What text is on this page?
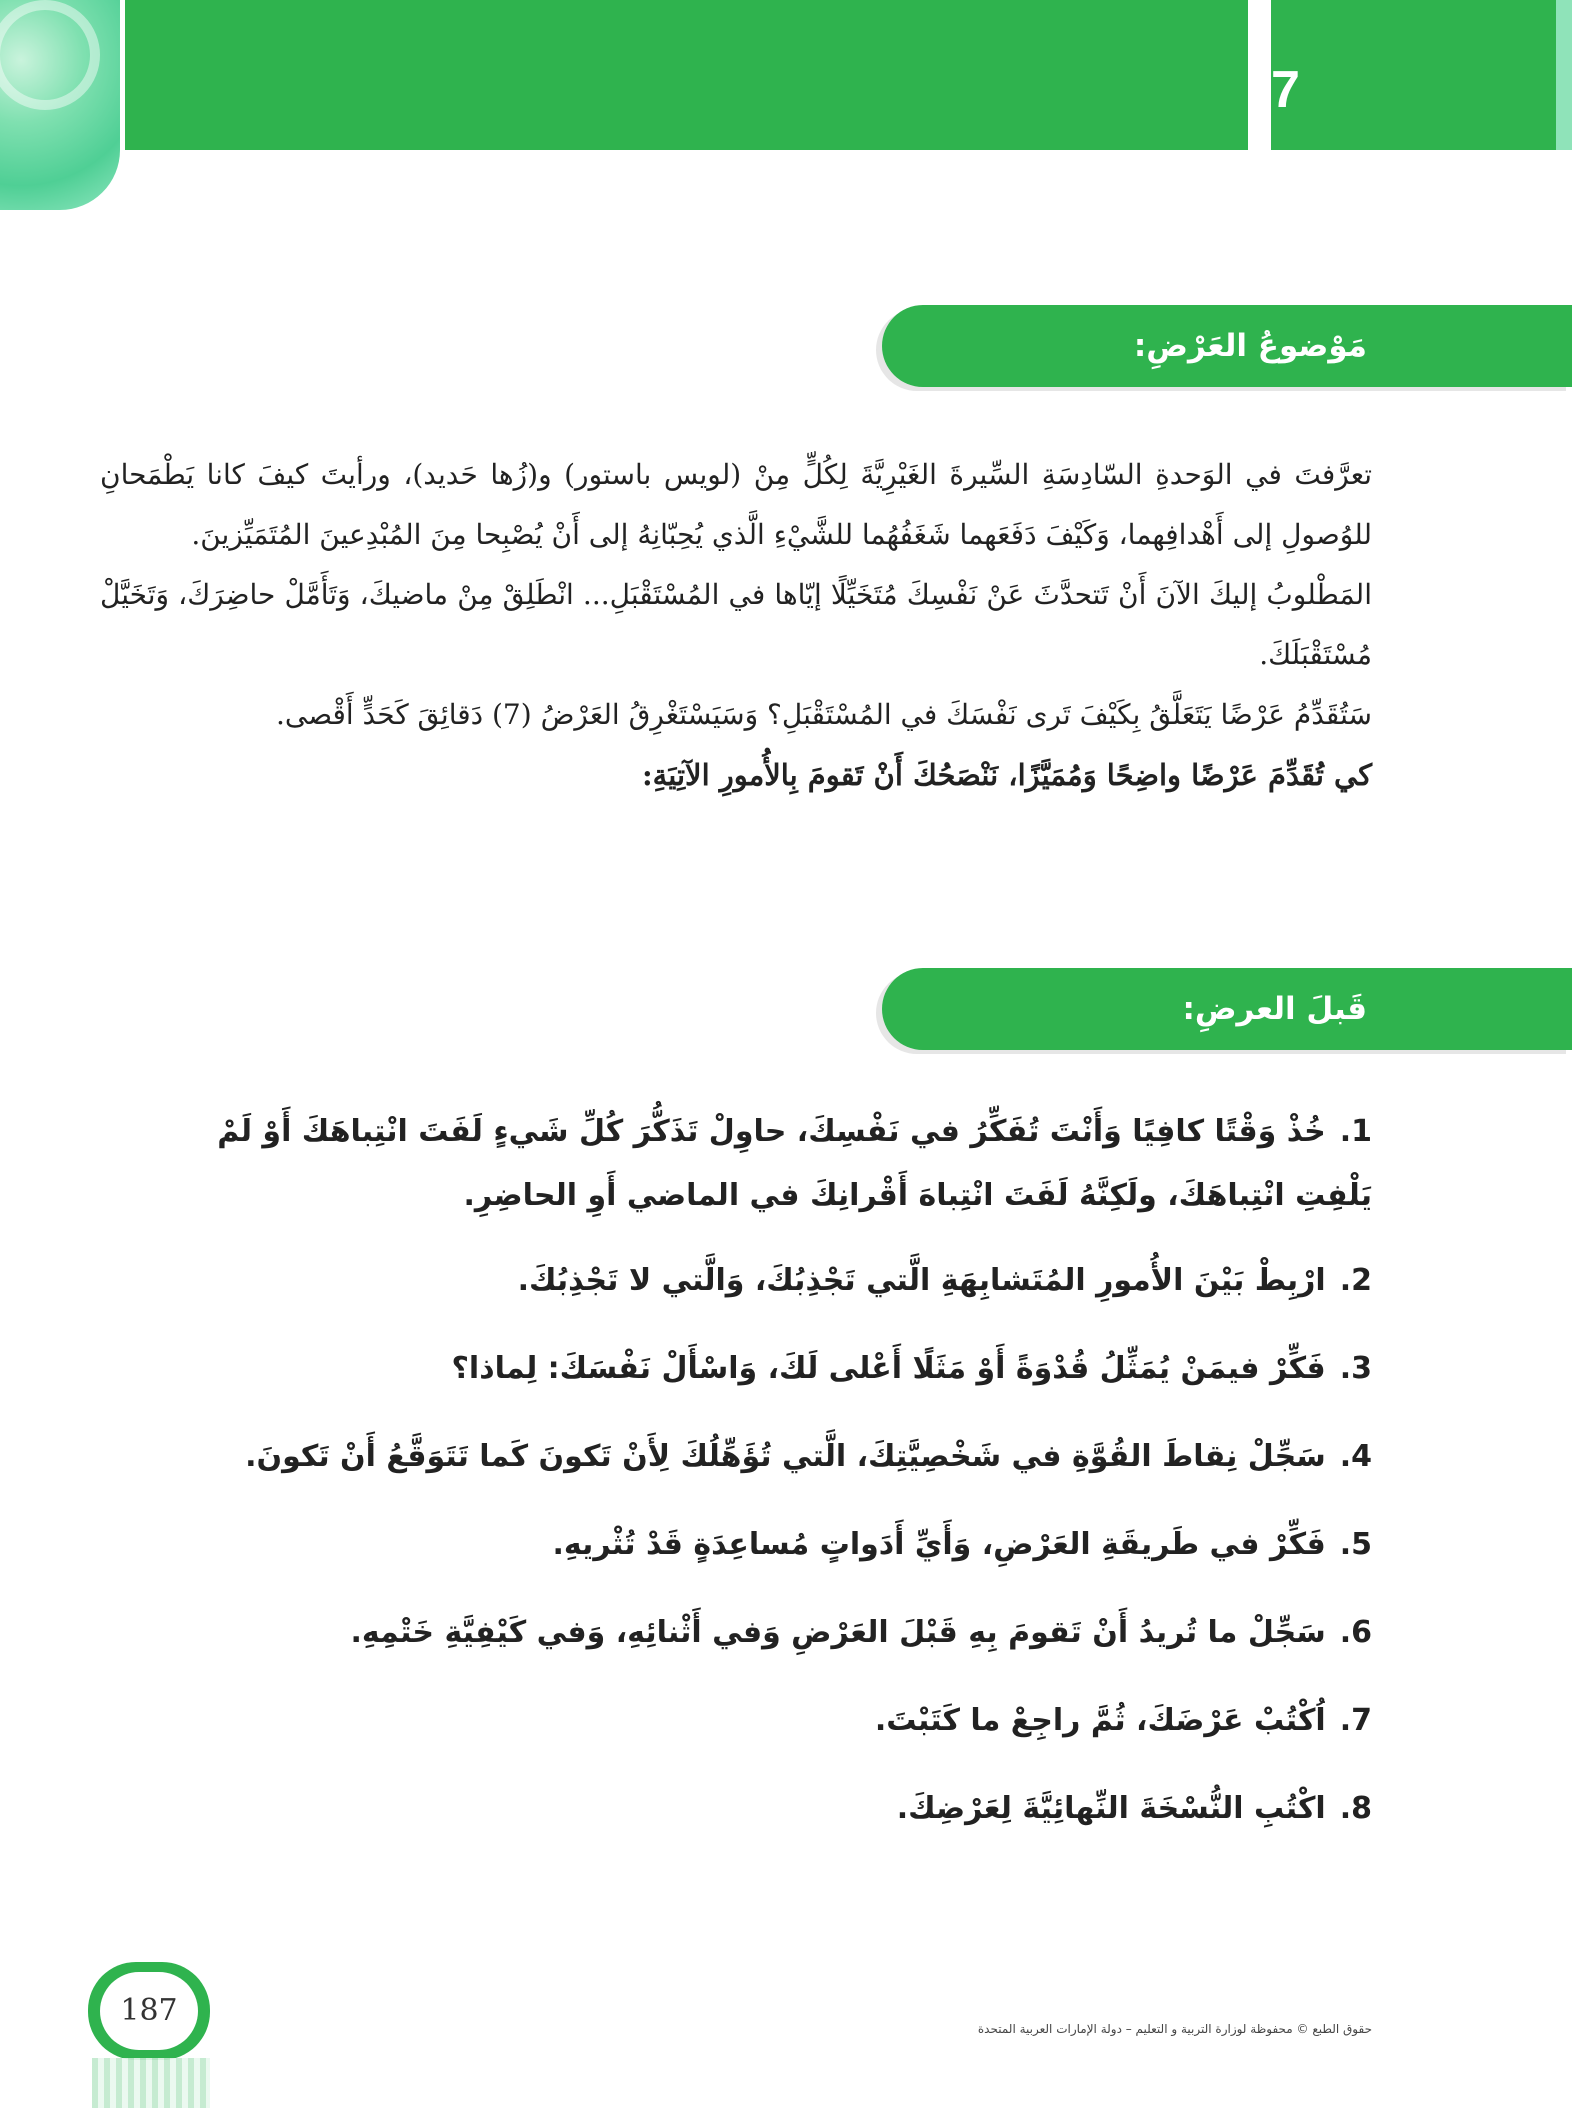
7
مَوْضوعُ العَرْضِ:

تعرَّفتَ في الوَحدةِ السّادِسَةِ السِّيرةَ الغَيْرِيَّةَ لِكُلٍّ مِنْ (لويس باستور) و(زُها حَديد)، ورأيتَ كيفَ كانا يَطْمَحانِ للوُصولِ إلى أَهْدافِهما، وَكَيْفَ دَفَعَهما شَغَفُهُما للشَّيْءِ الَّذي يُحِبّانِهُ إلى أَنْ يُصْبِحا مِنَ المُبْدِعينَ المُتَمَيِّزينَ.

المَطْلوبُ إليكَ الآنَ أَنْ تَتحدَّثَ عَنْ نَفْسِكَ مُتَخَيِّلًا إيّاها في المُسْتَقْبَلِ... انْطَلِقْ مِنْ ماضيكَ، وَتَأَمَّلْ حاضِرَكَ، وَتَخَيَّلْ مُسْتَقْبَلَكَ.

سَتُقَدِّمُ عَرْضًا يَتَعَلَّقُ بِكَيْفَ تَرى نَفْسَكَ في المُسْتَقْبَلِ؟ وَسَيَسْتَغْرِقُ العَرْضُ (7) دَقائِقَ كَحَدٍّ أَقْصى.

كي تُقَدِّمَ عَرْضًا واضِحًا وَمُمَيَّزًا، نَنْصَحُكَ أَنْ تَقومَ بِالأُمورِ الآتِيَةِ:

قَبلَ العرضِ:
1.خُذْ وَقْتًا كافِيًا وَأَنْتَ تُفَكِّرُ في نَفْسِكَ، حاوِلْ تَذَكُّرَ كُلِّ شَيءٍ لَفَتَ انْتِباهَكَ أَوْ لَمْ يَلْفِتِ انْتِباهَكَ، ولَكِنَّهُ لَفَتَ انْتِباهَ أَقْرانِكَ في الماضي أَوِ الحاضِرِ.
2.ارْبِطْ بَيْنَ الأُمورِ المُتَشابِهَةِ الَّتي تَجْذِبُكَ، وَالَّتي لا تَجْذِبُكَ.
3.فَكِّرْ فيمَنْ يُمَثِّلُ قُدْوَةً أَوْ مَثَلًا أَعْلى لَكَ، وَاسْأَلْ نَفْسَكَ: لِماذا؟
4.سَجِّلْ نِقاطَ القُوَّةِ في شَخْصِيَّتِكَ، الَّتي تُؤَهِّلُكَ لِأَنْ تَكونَ كَما تَتَوَقَّعُ أَنْ تَكونَ.
5.فَكِّرْ في طَريقَةِ العَرْضِ، وَأَيِّ أَدَواتٍ مُساعِدَةٍ قَدْ تُثْريهِ.
6.سَجِّلْ ما تُريدُ أَنْ تَقومَ بِهِ قَبْلَ العَرْضِ وَفي أَثْنائِهِ، وَفي كَيْفِيَّةِ خَتْمِهِ.
7.اُكْتُبْ عَرْضَكَ، ثُمَّ راجِعْ ما كَتَبْتَ.
8.اكْتُبِ النُّسْخَةَ النِّهائِيَّةَ لِعَرْضِكَ.
187
حقوق الطبع © محفوظة لوزارة التربية و التعليم – دولة الإمارات العربية المتحدة
